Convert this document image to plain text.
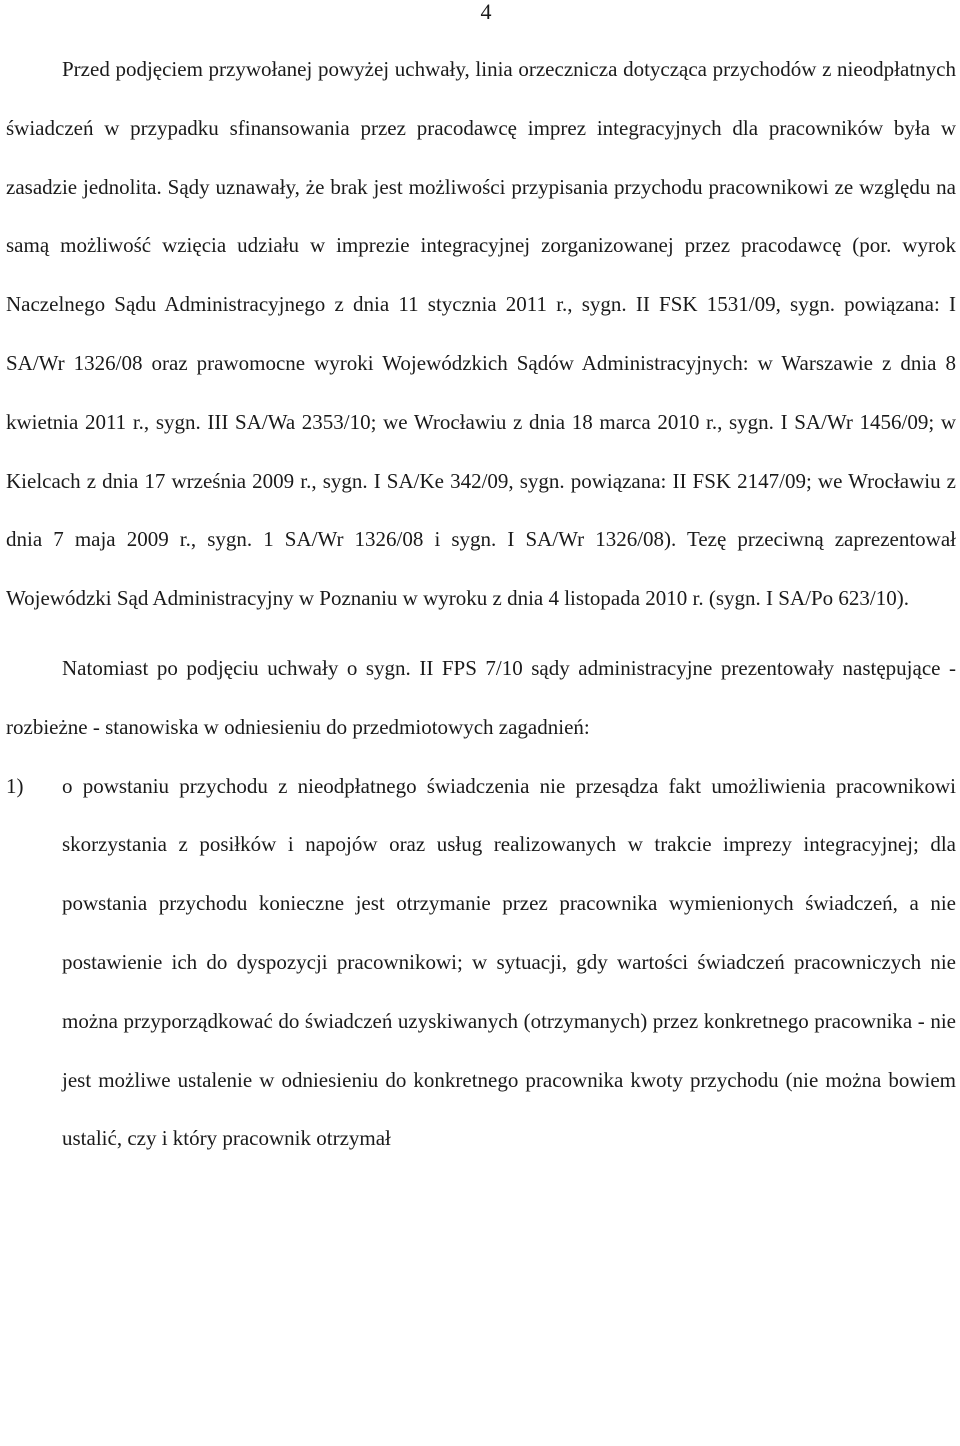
4

Przed podjęciem przywołanej powyżej uchwały, linia orzecznicza dotycząca przychodów z nieodpłatnych świadczeń w przypadku sfinansowania przez pracodawcę imprez integracyjnych dla pracowników była w zasadzie jednolita. Sądy uznawały, że brak jest możliwości przypisania przychodu pracownikowi ze względu na samą możliwość wzięcia udziału w imprezie integracyjnej zorganizowanej przez pracodawcę (por. wyrok Naczelnego Sądu Administracyjnego z dnia 11 stycznia 2011 r., sygn. II FSK 1531/09, sygn. powiązana: I SA/Wr 1326/08 oraz prawomocne wyroki Wojewódzkich Sądów Administracyjnych: w Warszawie z dnia 8 kwietnia 2011 r., sygn. III SA/Wa 2353/10; we Wrocławiu z dnia 18 marca 2010 r., sygn. I SA/Wr 1456/09; w Kielcach z dnia 17 września 2009 r., sygn. I SA/Ke 342/09, sygn. powiązana: II FSK 2147/09; we Wrocławiu z dnia 7 maja 2009 r., sygn. 1 SA/Wr 1326/08 i sygn. I SA/Wr 1326/08). Tezę przeciwną zaprezentował Wojewódzki Sąd Administracyjny w Poznaniu w wyroku z dnia 4 listopada 2010 r. (sygn. I SA/Po 623/10).

Natomiast po podjęciu uchwały o sygn. II FPS 7/10 sądy administracyjne prezentowały następujące - rozbieżne - stanowiska w odniesieniu do przedmiotowych zagadnień:

1) o powstaniu przychodu z nieodpłatnego świadczenia nie przesądza fakt umożliwienia pracownikowi skorzystania z posiłków i napojów oraz usług realizowanych w trakcie imprezy integracyjnej; dla powstania przychodu konieczne jest otrzymanie przez pracownika wymienionych świadczeń, a nie postawienie ich do dyspozycji pracownikowi; w sytuacji, gdy wartości świadczeń pracowniczych nie można przyporządkować do świadczeń uzyskiwanych (otrzymanych) przez konkretnego pracownika - nie jest możliwe ustalenie w odniesieniu do konkretnego pracownika kwoty przychodu (nie można bowiem ustalić, czy i który pracownik otrzymał
